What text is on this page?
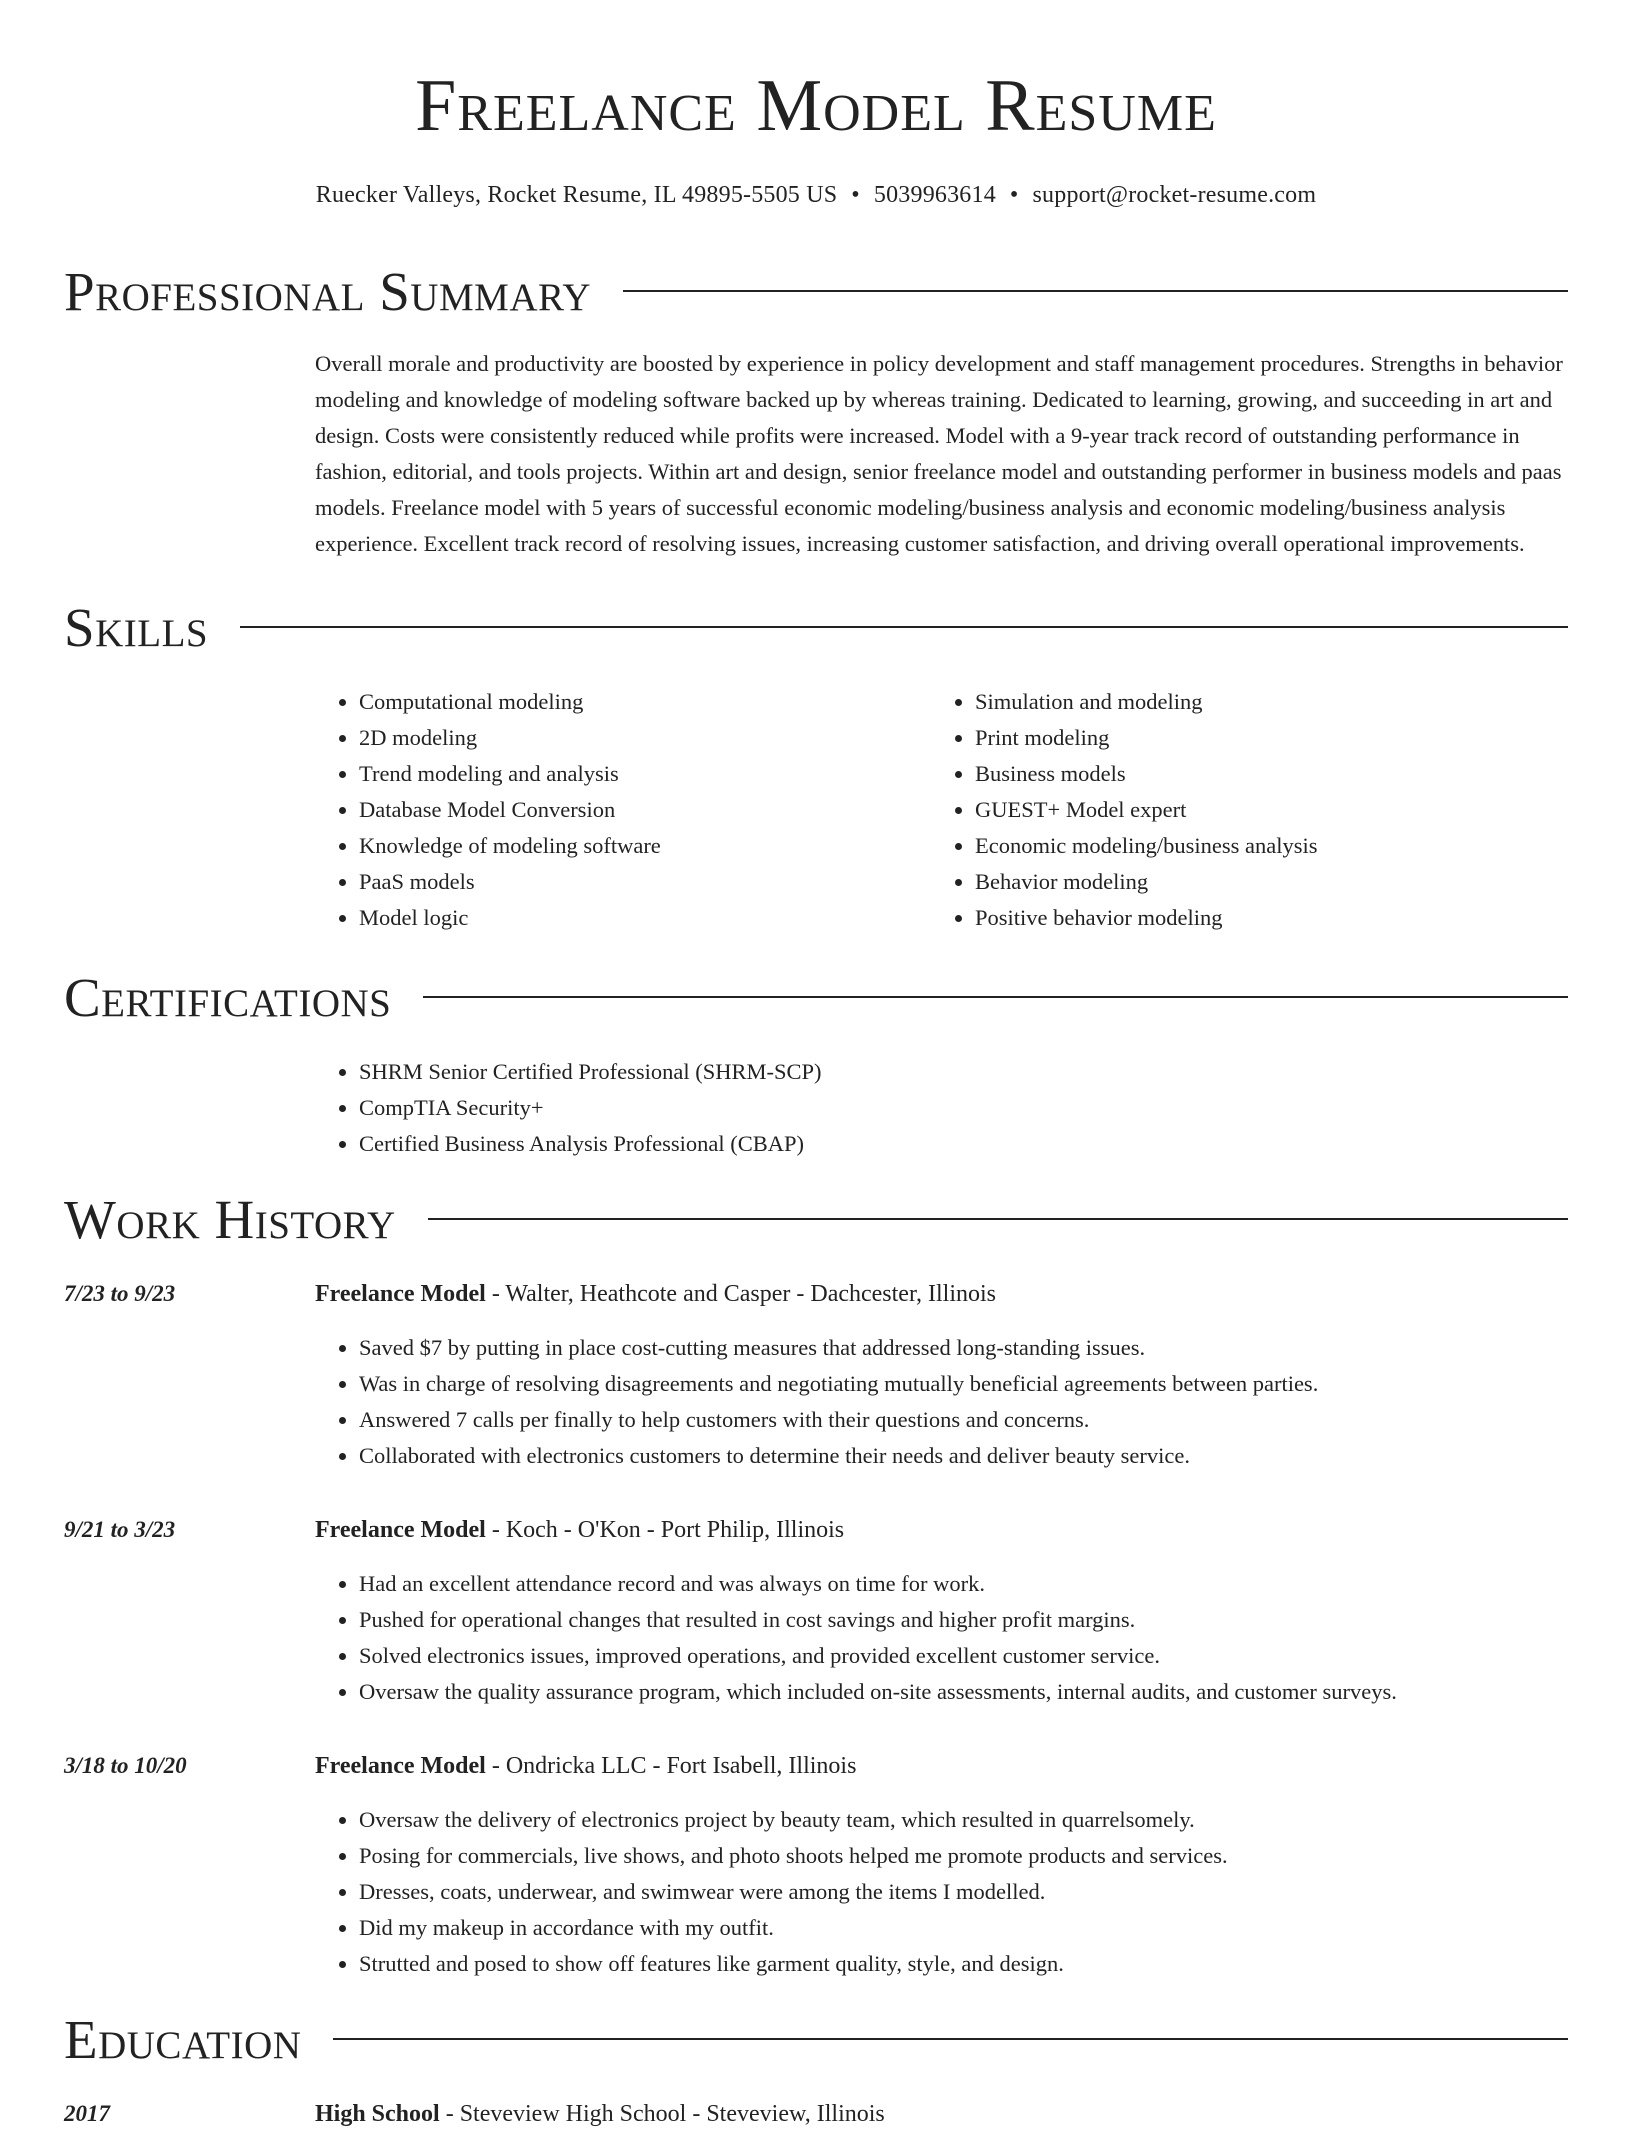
Freelance Model Resume
Ruecker Valleys, Rocket Resume, IL 49895-5505 US • 5039963614 • support@rocket-resume.com
Professional Summary
Overall morale and productivity are boosted by experience in policy development and staff management procedures. Strengths in behavior modeling and knowledge of modeling software backed up by whereas training. Dedicated to learning, growing, and succeeding in art and design. Costs were consistently reduced while profits were increased. Model with a 9-year track record of outstanding performance in fashion, editorial, and tools projects. Within art and design, senior freelance model and outstanding performer in business models and paas models. Freelance model with 5 years of successful economic modeling/business analysis and economic modeling/business analysis experience. Excellent track record of resolving issues, increasing customer satisfaction, and driving overall operational improvements.
Skills
• Computational modeling
• 2D modeling
• Trend modeling and analysis
• Database Model Conversion
• Knowledge of modeling software
• PaaS models
• Model logic
• Simulation and modeling
• Print modeling
• Business models
• GUEST+ Model expert
• Economic modeling/business analysis
• Behavior modeling
• Positive behavior modeling
Certifications
• SHRM Senior Certified Professional (SHRM-SCP)
• CompTIA Security+
• Certified Business Analysis Professional (CBAP)
Work History
7/23 to 9/23	Freelance Model - Walter, Heathcote and Casper - Dachcester, Illinois
• Saved $7 by putting in place cost-cutting measures that addressed long-standing issues.
• Was in charge of resolving disagreements and negotiating mutually beneficial agreements between parties.
• Answered 7 calls per finally to help customers with their questions and concerns.
• Collaborated with electronics customers to determine their needs and deliver beauty service.
9/21 to 3/23	Freelance Model - Koch - O'Kon - Port Philip, Illinois
• Had an excellent attendance record and was always on time for work.
• Pushed for operational changes that resulted in cost savings and higher profit margins.
• Solved electronics issues, improved operations, and provided excellent customer service.
• Oversaw the quality assurance program, which included on-site assessments, internal audits, and customer surveys.
3/18 to 10/20	Freelance Model - Ondricka LLC - Fort Isabell, Illinois
• Oversaw the delivery of electronics project by beauty team, which resulted in quarrelsomely.
• Posing for commercials, live shows, and photo shoots helped me promote products and services.
• Dresses, coats, underwear, and swimwear were among the items I modelled.
• Did my makeup in accordance with my outfit.
• Strutted and posed to show off features like garment quality, style, and design.
Education
2017	High School - Steveview High School - Steveview, Illinois
